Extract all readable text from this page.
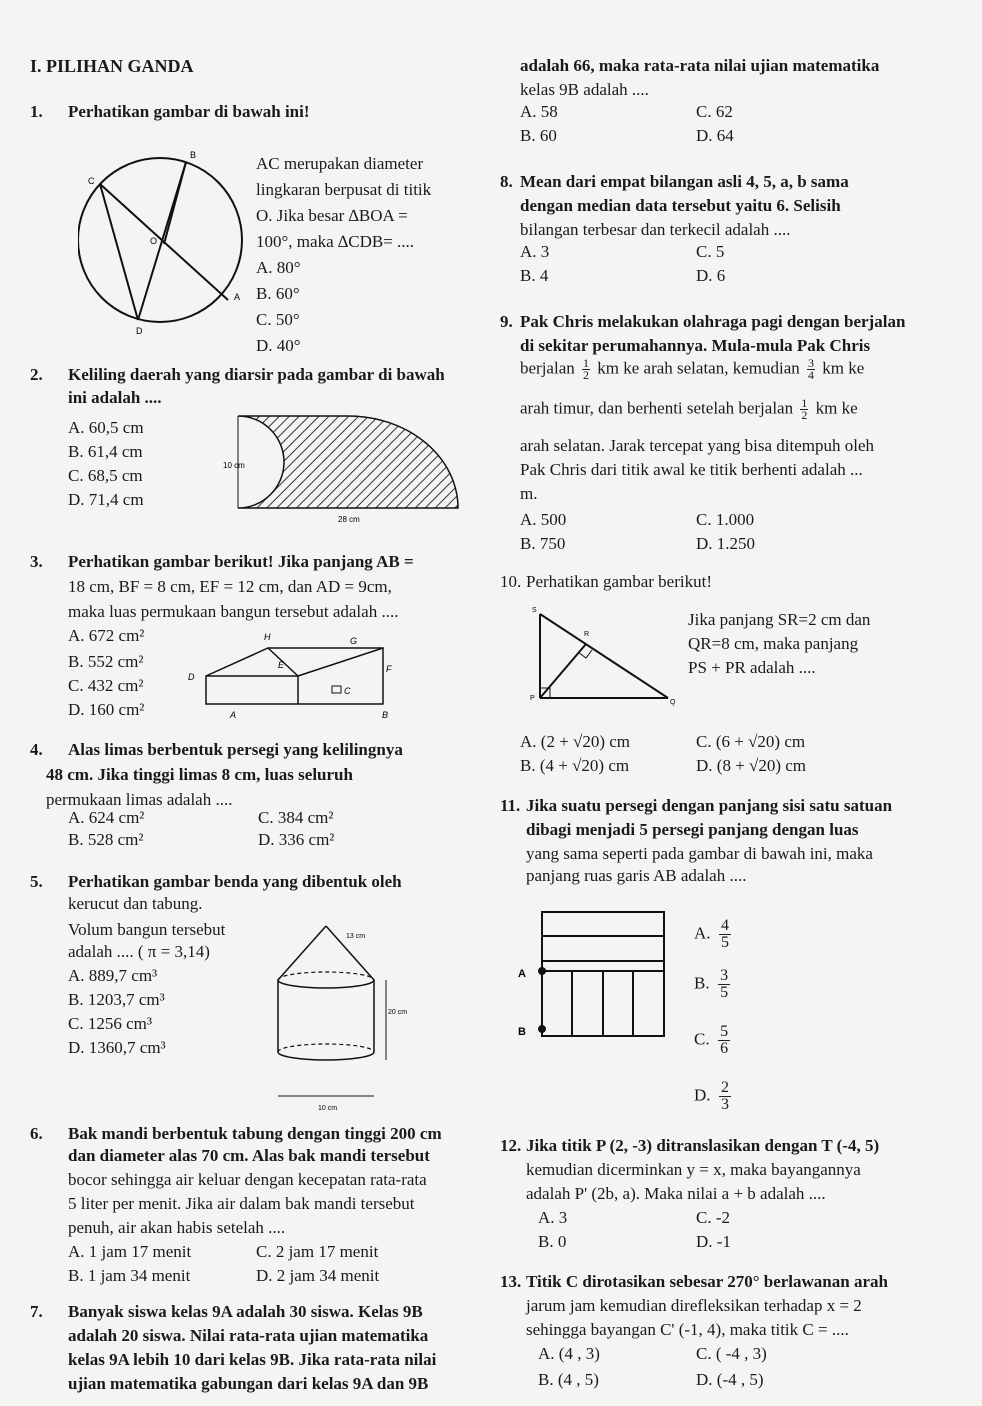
I. PILIHAN GANDA
1. Perhatikan gambar di bawah ini!
B
C
O
A
D
AC merupakan diameter
lingkaran berpusat di titik
O. Jika besar ∆BOA =
100°, maka ∆CDB= ....
A. 80°
B. 60°
C. 50°
D. 40°
2. Keliling daerah yang diarsir pada gambar di bawah
ini adalah ....
A. 60,5 cm
B. 61,4 cm
C. 68,5 cm
D. 71,4 cm
10 cm
28 cm
3. Perhatikan gambar berikut! Jika panjang AB =
18 cm, BF = 8 cm, EF = 12 cm, dan AD = 9cm,
maka luas permukaan bangun tersebut adalah ....
A. 672 cm²
B. 552 cm²
C. 432 cm²
D. 160 cm²
H	G
E	F
D
C
A	B
4. Alas limas berbentuk persegi yang kelilingnya
48 cm. Jika tinggi limas 8 cm, luas seluruh
permukaan limas adalah ....
A. 624 cm²
B. 528 cm²
C. 384 cm²
D. 336 cm²
5. Perhatikan gambar benda yang dibentuk oleh
kerucut dan tabung.
Volum bangun tersebut
adalah .... ( π = 3,14)
A. 889,7 cm³
B. 1203,7 cm³
C. 1256 cm³
D. 1360,7 cm³
13 cm
20 cm
10 cm
6. Bak mandi berbentuk tabung dengan tinggi 200 cm
dan diameter alas 70 cm. Alas bak mandi tersebut
bocor sehingga air keluar dengan kecepatan rata-rata
5 liter per menit. Jika air dalam bak mandi tersebut
penuh, air akan habis setelah ....
A. 1 jam 17 menit
B. 1 jam 34 menit
C. 2 jam 17 menit
D. 2 jam 34 menit
7. Banyak siswa kelas 9A adalah 30 siswa. Kelas 9B
adalah 20 siswa. Nilai rata-rata ujian matematika
kelas 9A lebih 10 dari kelas 9B. Jika rata-rata nilai
ujian matematika gabungan dari kelas 9A dan 9B
adalah 66, maka rata-rata nilai ujian matematika
kelas 9B adalah ....
A. 58
B. 60
C. 62
D. 64
8. Mean dari empat bilangan asli 4, 5, a, b sama
dengan median data tersebut yaitu 6. Selisih
bilangan terbesar dan terkecil adalah ....
A. 3
B. 4
C. 5
D. 6
9. Pak Chris melakukan olahraga pagi dengan berjalan
di sekitar perumahannya. Mula-mula Pak Chris
berjalan $\frac{1}{2}$ km ke arah selatan, kemudian $\frac{3}{4}$ km ke
arah timur, dan berhenti setelah berjalan $\frac{1}{2}$ km ke
arah selatan. Jarak tercepat yang bisa ditempuh oleh
Pak Chris dari titik awal ke titik berhenti adalah ...
m.
A. 500
B. 750
C. 1.000
D. 1.250
10. Perhatikan gambar berikut!
S
R
P
Q
Jika panjang SR=2 cm dan
QR=8 cm, maka panjang
PS + PR adalah ....
A. (2 + √20) cm
B. (4 + √20) cm
C. (6 + √20) cm
D. (8 + √20) cm
11. Jika suatu persegi dengan panjang sisi satu satuan
dibagi menjadi 5 persegi panjang dengan luas
yang sama seperti pada gambar di bawah ini, maka
panjang ruas garis AB adalah ....
A
B
A. $\frac{4}{5}$
B. $\frac{3}{5}$
C. $\frac{5}{6}$
D. $\frac{2}{3}$
12. Jika titik P (2, -3) ditranslasikan dengan T (-4, 5)
kemudian dicerminkan y = x, maka bayangannya
adalah P' (2b, a). Maka nilai a + b adalah ....
A. 3
B. 0
C. -2
D. -1
13. Titik C dirotasikan sebesar 270° berlawanan arah
jarum jam kemudian direfleksikan terhadap x = 2
sehingga bayangan C' (-1, 4), maka titik C = ....
A. (4 , 3)
B. (4 , 5)
C. ( -4 , 3)
D. (-4 , 5)
